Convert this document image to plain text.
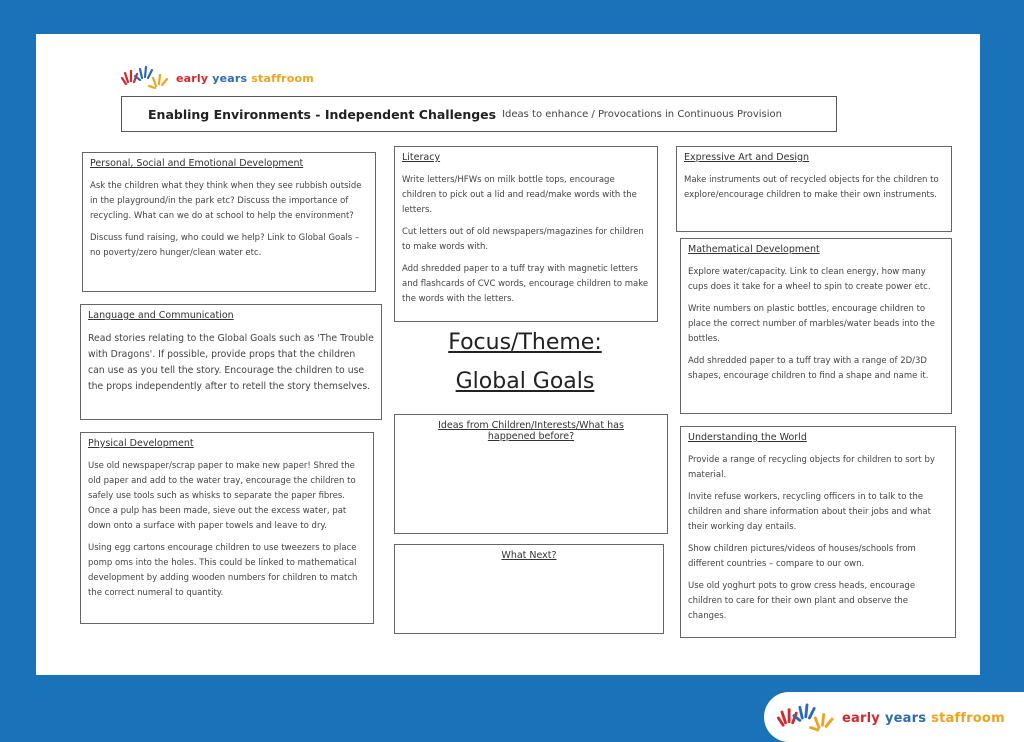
early years staffroom
Enabling Environments - Independent Challenges Ideas to enhance / Provocations in Continuous Provision
Personal, Social and Emotional Development

Ask the children what they think when they see rubbish outside in the playground/in the park etc? Discuss the importance of recycling. What can we do at school to help the environment?

Discuss fund raising, who could we help? Link to Global Goals – no poverty/zero hunger/clean water etc.

Language and Communication

Read stories relating to the Global Goals such as 'The Trouble with Dragons'. If possible, provide props that the children can use as you tell the story. Encourage the children to use the props independently after to retell the story themselves.

Physical Development

Use old newspaper/scrap paper to make new paper! Shred the old paper and add to the water tray, encourage the children to safely use tools such as whisks to separate the paper fibres. Once a pulp has been made, sieve out the excess water, pat down onto a surface with paper towels and leave to dry.

Using egg cartons encourage children to use tweezers to place pomp oms into the holes. This could be linked to mathematical development by adding wooden numbers for children to match the correct numeral to quantity.

Literacy

Write letters/HFWs on milk bottle tops, encourage children to pick out a lid and read/make words with the letters.

Cut letters out of old newspapers/magazines for children to make words with.

Add shredded paper to a tuff tray with magnetic letters and flashcards of CVC words, encourage children to make the words with the letters.

Focus/Theme:
Global Goals
Ideas from Children/Interests/What has happened before?
What Next?
Expressive Art and Design

Make instruments out of recycled objects for the children to explore/encourage children to make their own instruments.

Mathematical Development

Explore water/capacity. Link to clean energy, how many cups does it take for a wheel to spin to create power etc.

Write numbers on plastic bottles, encourage children to place the correct number of marbles/water beads into the bottles.

Add shredded paper to a tuff tray with a range of 2D/3D shapes, encourage children to find a shape and name it.

Understanding the World

Provide a range of recycling objects for children to sort by material.

Invite refuse workers, recycling officers in to talk to the children and share information about their jobs and what their working day entails.

Show children pictures/videos of houses/schools from different countries – compare to our own.

Use old yoghurt pots to grow cress heads, encourage children to care for their own plant and observe the changes.

early years staffroom
